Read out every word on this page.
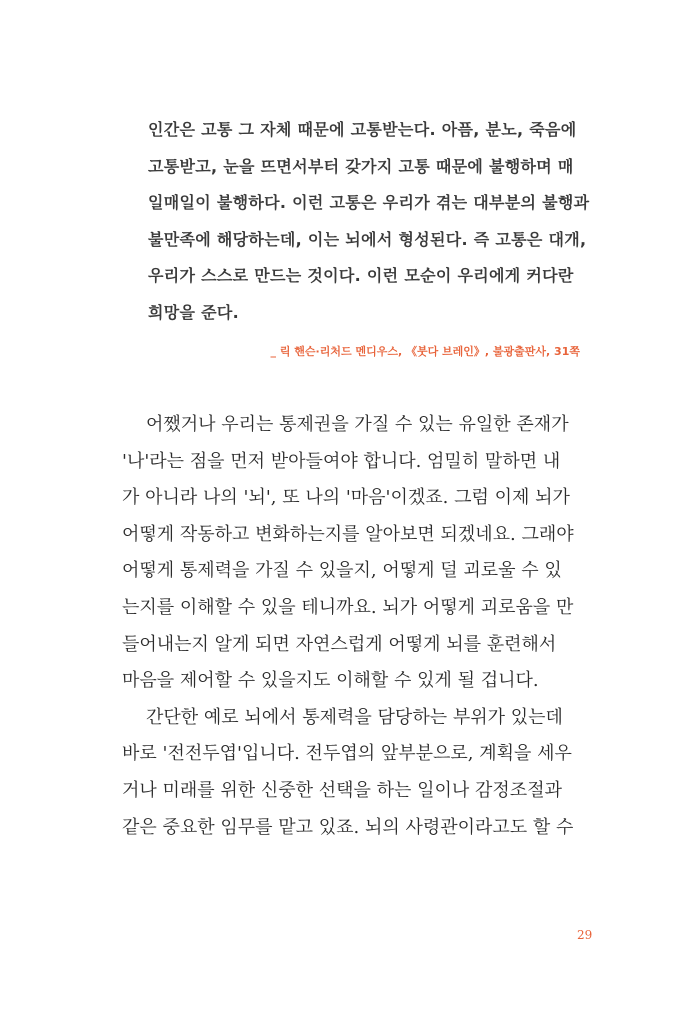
인간은 고통 그 자체 때문에 고통받는다. 아픔, 분노, 죽음에
고통받고, 눈을 뜨면서부터 갖가지 고통 때문에 불행하며 매
일매일이 불행하다. 이런 고통은 우리가 겪는 대부분의 불행과
불만족에 해당하는데, 이는 뇌에서 형성된다. 즉 고통은 대개,
우리가 스스로 만드는 것이다. 이런 모순이 우리에게 커다란
희망을 준다.
_ 릭 핸슨·리처드 멘디우스, 《붓다 브레인》, 불광출판사, 31쪽
어쨌거나 우리는 통제권을 가질 수 있는 유일한 존재가
'나'라는 점을 먼저 받아들여야 합니다. 엄밀히 말하면 내
가 아니라 나의 '뇌', 또 나의 '마음'이겠죠. 그럼 이제 뇌가
어떻게 작동하고 변화하는지를 알아보면 되겠네요. 그래야
어떻게 통제력을 가질 수 있을지, 어떻게 덜 괴로울 수 있
는지를 이해할 수 있을 테니까요. 뇌가 어떻게 괴로움을 만
들어내는지 알게 되면 자연스럽게 어떻게 뇌를 훈련해서
마음을 제어할 수 있을지도 이해할 수 있게 될 겁니다.
간단한 예로 뇌에서 통제력을 담당하는 부위가 있는데
바로 '전전두엽'입니다. 전두엽의 앞부분으로, 계획을 세우
거나 미래를 위한 신중한 선택을 하는 일이나 감정조절과
같은 중요한 임무를 맡고 있죠. 뇌의 사령관이라고도 할 수
29
